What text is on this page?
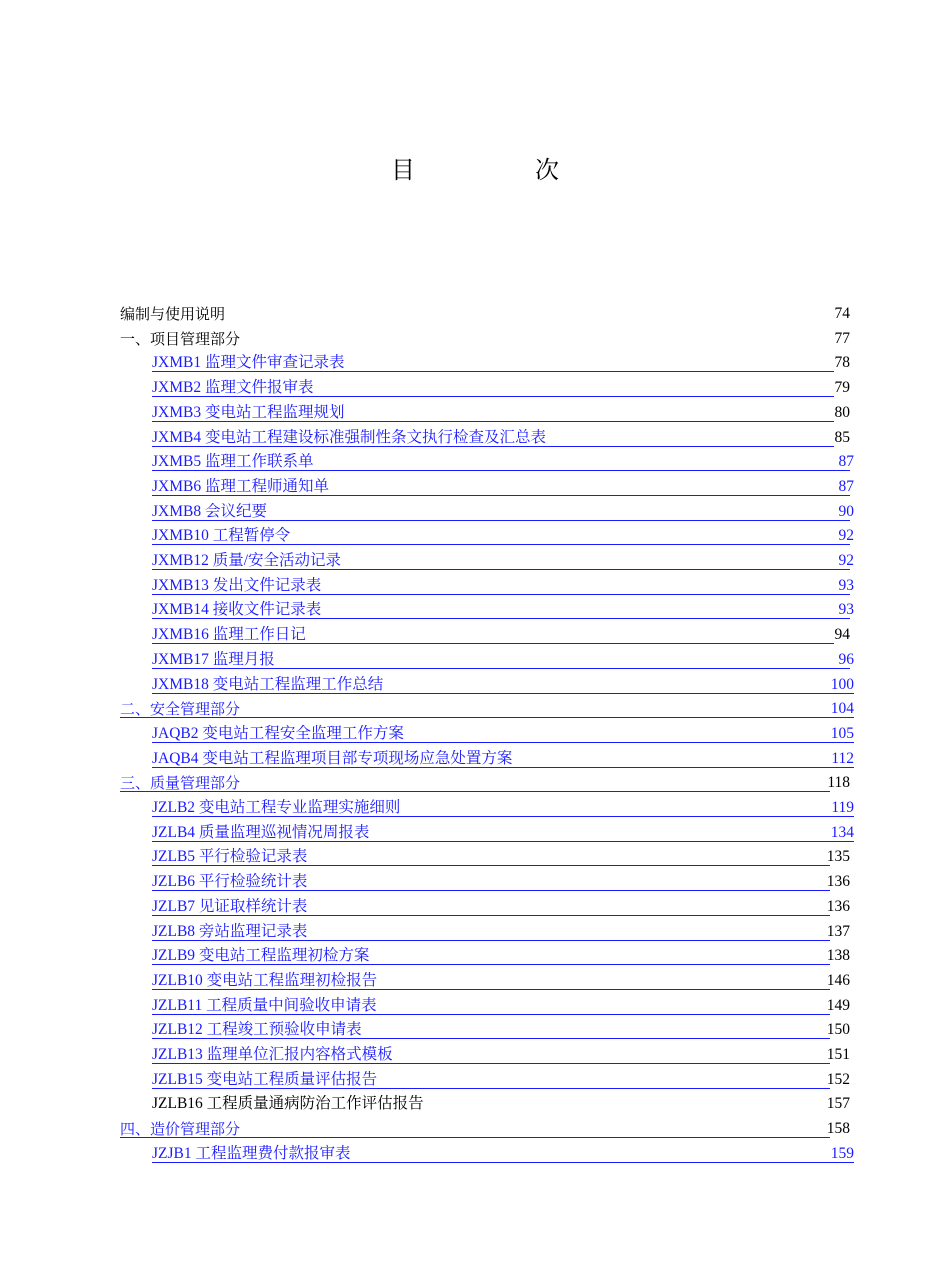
目　次
编制与使用说明	74
一、项目管理部分	77
JXMB1 监理文件审查记录表	78
JXMB2 监理文件报审表	79
JXMB3 变电站工程监理规划	80
JXMB4 变电站工程建设标准强制性条文执行检查及汇总表	85
JXMB5 监理工作联系单	87
JXMB6 监理工程师通知单	87
JXMB8 会议纪要	90
JXMB10 工程暂停令	92
JXMB12 质量/安全活动记录	92
JXMB13 发出文件记录表	93
JXMB14 接收文件记录表	93
JXMB16 监理工作日记	94
JXMB17 监理月报	96
JXMB18 变电站工程监理工作总结	100
二、安全管理部分	104
JAQB2 变电站工程安全监理工作方案	105
JAQB4 变电站工程监理项目部专项现场应急处置方案	112
三、质量管理部分	118
JZLB2 变电站工程专业监理实施细则	119
JZLB4 质量监理巡视情况周报表	134
JZLB5 平行检验记录表	135
JZLB6 平行检验统计表	136
JZLB7 见证取样统计表	136
JZLB8 旁站监理记录表	137
JZLB9 变电站工程监理初检方案	138
JZLB10 变电站工程监理初检报告	146
JZLB11 工程质量中间验收申请表	149
JZLB12 工程竣工预验收申请表	150
JZLB13 监理单位汇报内容格式模板	151
JZLB15 变电站工程质量评估报告	152
JZLB16 工程质量通病防治工作评估报告	157
四、造价管理部分	158
JZJB1 工程监理费付款报审表	159
